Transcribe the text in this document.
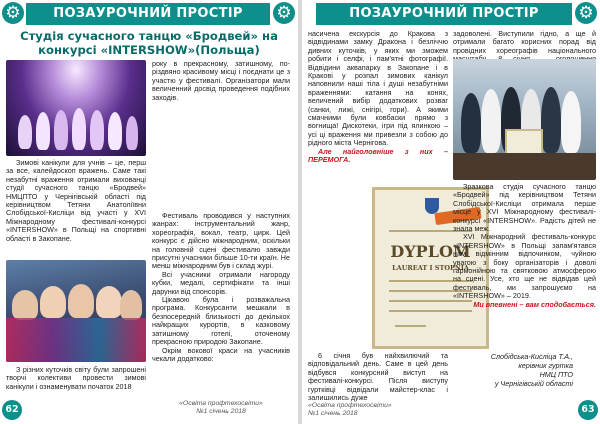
⚙	ПОЗАУРОЧНИЙ ПРОСТІР	⚙
Студія сучасного танцю «Бродвей» на
конкурсі «INTERSHOW»(Польща)

Зимові канікули для учнів – це, перш за все, калейдоскоп вражень. Саме такі незабутні враження отримали вихованці студії сучасного танцю «Бродвей» НМЦПТО у Чернігівській області під керівництвом Тетяни Анатоліївни Слобідської-Кисліци від участі у XVI Міжнародному фестивалі-конкурсі «INTERSHOW» в Польщі на спортивні області в Закопане.

З різних куточків світу були запрошені творчі колективи провести зимові канікули і ознаменувати початок 2018

року в прекрасному, затишному, по-різдвяно красивому місці і поєднати це з участю у фестивалі. Організатори мали величенний досвід проведення подібних заходів.

Фестиваль проводився у наступних жанрах: інструментальний жанр, хореографія, вокал, театр, цирк. Цей конкурс є дійсно міжнародним, оскільки на головній сцені фестивалю завжди присутні учасники більше 10-ти країн. Не менш міжнародним був і склад журі.

Всі учасники отримали нагороду кубки, медалі, сертифікати та інші дарунки від спонсорів.

Цікавою була і розважальна програма. Конкурсанти мешкали в безпосередній близькості до декількох найкращих курортів, в казковому затишному готелі, оточеному прекрасною природою Закопане.

Окрім вокової краси на учасників чекали додатково:

«Освіта профтехосвіти»
№1 січень 2018
62
ПОЗАУРОЧНИЙ ПРОСТІР	⚙

насичена екскурсія до Кракова з відвідинами замку Дракона і безліччю дивних куточків, у яких ми зможем робити і селфі, і пам'ятні фотографії. Відвідини аквапарку в Закопане і в Кракові у розпал зимових канікул наповнили наші тіла і душі незабутніми враженнями: катання на конях, величений вибір додаткових розваг (санки, лижі, снігірі, гори). А якими смачними були ковбаски прямо з вогнища! Дискотеки, ігри під ялинкою – усі ці враження ми привезли з собою до рідного міста Чернігова.

Але найголовніше з них – ПЕРЕМОГА.

DYPLOM
LAUREAT I STOPNIA

6 січня був найхвилючий та відповідальний день. Саме в цей день відбувся конкурсний виступ на фестивалі-конкурсі. Після виступу гуртківці відвідали майстер-клас і залишились дуже

«Освіта профтехосвіти»
№1 січень 2018

задоволені. Виступили гідно, а ще й отримали багато корисних порад від провідних хореографів національного

Зразкова студія сучасного танцю «Бродвей» під керівництвом Тетяни Слобідської-Кисліци отримала перше місце у XVI Міжнародному фестивалі-конкурсі «INTERSHOW». Радість дітей не знала меж.

XVI Міжнародний фестиваль-конкурс «INTERSHOW» в Польщі запам'ятався нам відмінним відпочинком, чуйною увагою з боку організаторів і доволі гармонійною та святковою атмосферою на сцені. Усе, хто ще не відвідав цей фестиваль, ми запрошуємо на «INTERSHOW» – 2019.

Ми впевнені – вам сподобається.

Слобідська-Кисліца Т.А.,
керівник гуртка
НМЦ ПТО
у Чернігівській області
63
